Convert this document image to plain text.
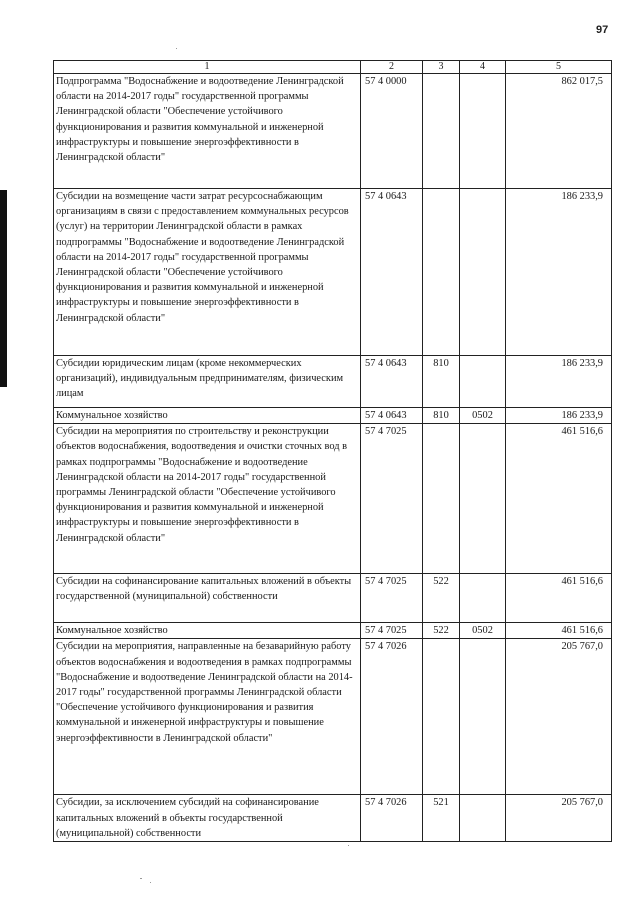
97
1	2	3	4	5
Подпрограмма "Водоснабжение и водоотведение Ленинградской области на 2014-2017 годы" государственной программы Ленинградской области "Обеспечение устойчивого функционирования и развития коммунальной и инженерной инфраструктуры и повышение энергоэффективности в Ленинградской области"	57 4 0000			862 017,5
Субсидии на возмещение части затрат ресурсоснабжающим организациям в связи с предоставлением коммунальных ресурсов (услуг) на территории Ленинградской области в рамках подпрограммы "Водоснабжение и водоотведение Ленинградской области на 2014-2017 годы" государственной программы Ленинградской области "Обеспечение устойчивого функционирования и развития коммунальной и инженерной инфраструктуры и повышение энергоэффективности в Ленинградской области"	57 4 0643			186 233,9
Субсидии юридическим лицам (кроме некоммерческих организаций), индивидуальным предпринимателям, физическим лицам	57 4 0643	810		186 233,9
Коммунальное хозяйство	57 4 0643	810	0502	186 233,9
Субсидии на мероприятия по строительству и реконструкции объектов водоснабжения, водоотведения и очистки сточных вод в рамках подпрограммы "Водоснабжение и водоотведение Ленинградской области на 2014-2017 годы" государственной программы Ленинградской области "Обеспечение устойчивого функционирования и развития коммунальной и инженерной инфраструктуры и повышение энергоэффективности в Ленинградской области"	57 4 7025			461 516,6
Субсидии на софинансирование капитальных вложений в объекты государственной (муниципальной) собственности	57 4 7025	522		461 516,6
Коммунальное хозяйство	57 4 7025	522	0502	461 516,6
Субсидии на мероприятия, направленные на безаварийную работу объектов водоснабжения и водоотведения в рамках подпрограммы "Водоснабжение и водоотведение Ленинградской области на 2014-2017 годы" государственной программы Ленинградской области "Обеспечение устойчивого функционирования и развития коммунальной и инженерной инфраструктуры и повышение энергоэффективности в Ленинградской области"	57 4 7026			205 767,0
Субсидии, за исключением субсидий на софинансирование капитальных вложений в объекты государственной (муниципальной) собственности	57 4 7026	521		205 767,0
